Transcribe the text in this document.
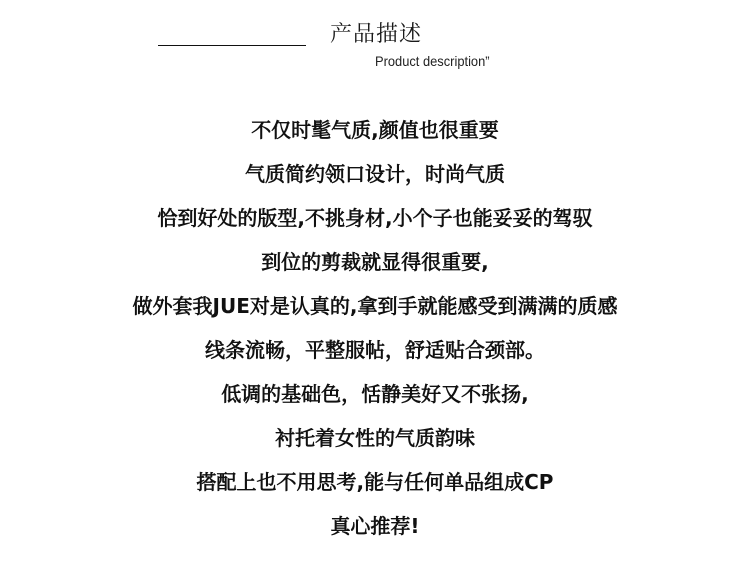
产品描述
Product description”
不仅时髦气质,颜值也很重要
气质简约领口设计，时尚气质
恰到好处的版型,不挑身材,小个子也能妥妥的驾驭
到位的剪裁就显得很重要,
做外套我JUE对是认真的,拿到手就能感受到满满的质感
线条流畅，平整服帖，舒适贴合颈部。
低调的基础色，恬静美好又不张扬,
衬托着女性的气质韵味
搭配上也不用思考,能与任何单品组成CP
真心推荐!
